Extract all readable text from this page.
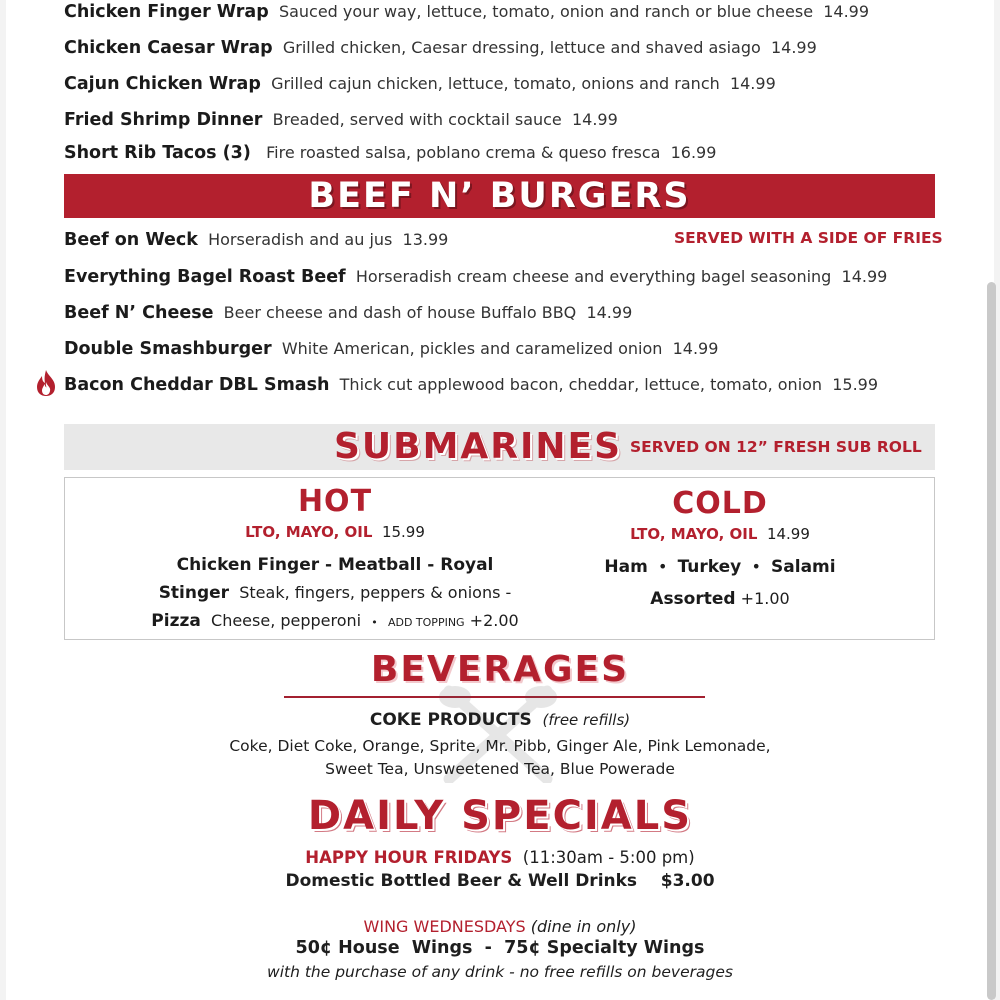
Chicken Finger Wrap Sauced your way, lettuce, tomato, onion and ranch or blue cheese 14.99
Chicken Caesar Wrap Grilled chicken, Caesar dressing, lettuce and shaved asiago 14.99
Cajun Chicken Wrap Grilled cajun chicken, lettuce, tomato, onions and ranch 14.99
Fried Shrimp Dinner Breaded, served with cocktail sauce 14.99
Short Rib Tacos (3) Fire roasted salsa, poblano crema & queso fresca 16.99
BEEF N’ BURGERS
SERVED WITH A SIDE OF FRIES
Beef on Weck Horseradish and au jus 13.99
Everything Bagel Roast Beef Horseradish cream cheese and everything bagel seasoning 14.99
Beef N’ Cheese Beer cheese and dash of house Buffalo BBQ 14.99
Double Smashburger White American, pickles and caramelized onion 14.99
Bacon Cheddar DBL Smash Thick cut applewood bacon, cheddar, lettuce, tomato, onion 15.99
SUBMARINES SERVED ON 12” FRESH SUB ROLL
HOT
LTO, MAYO, OIL 15.99
Chicken Finger - Meatball - Royal
Stinger Steak, fingers, peppers & onions -
Pizza Cheese, pepperoni • ADD TOPPING +2.00
COLD
LTO, MAYO, OIL 14.99
Ham • Turkey • Salami
Assorted +1.00
BEVERAGES
COKE PRODUCTS (free refills)
Coke, Diet Coke, Orange, Sprite, Mr. Pibb, Ginger Ale, Pink Lemonade,
Sweet Tea, Unsweetened Tea, Blue Powerade
DAILY SPECIALS
HAPPY HOUR FRIDAYS (11:30am - 5:00 pm)
Domestic Bottled Beer & Well Drinks $3.00
WING WEDNESDAYS (dine in only)
50¢ House  Wings  -  75¢ Specialty Wings
with the purchase of any drink - no free refills on beverages
